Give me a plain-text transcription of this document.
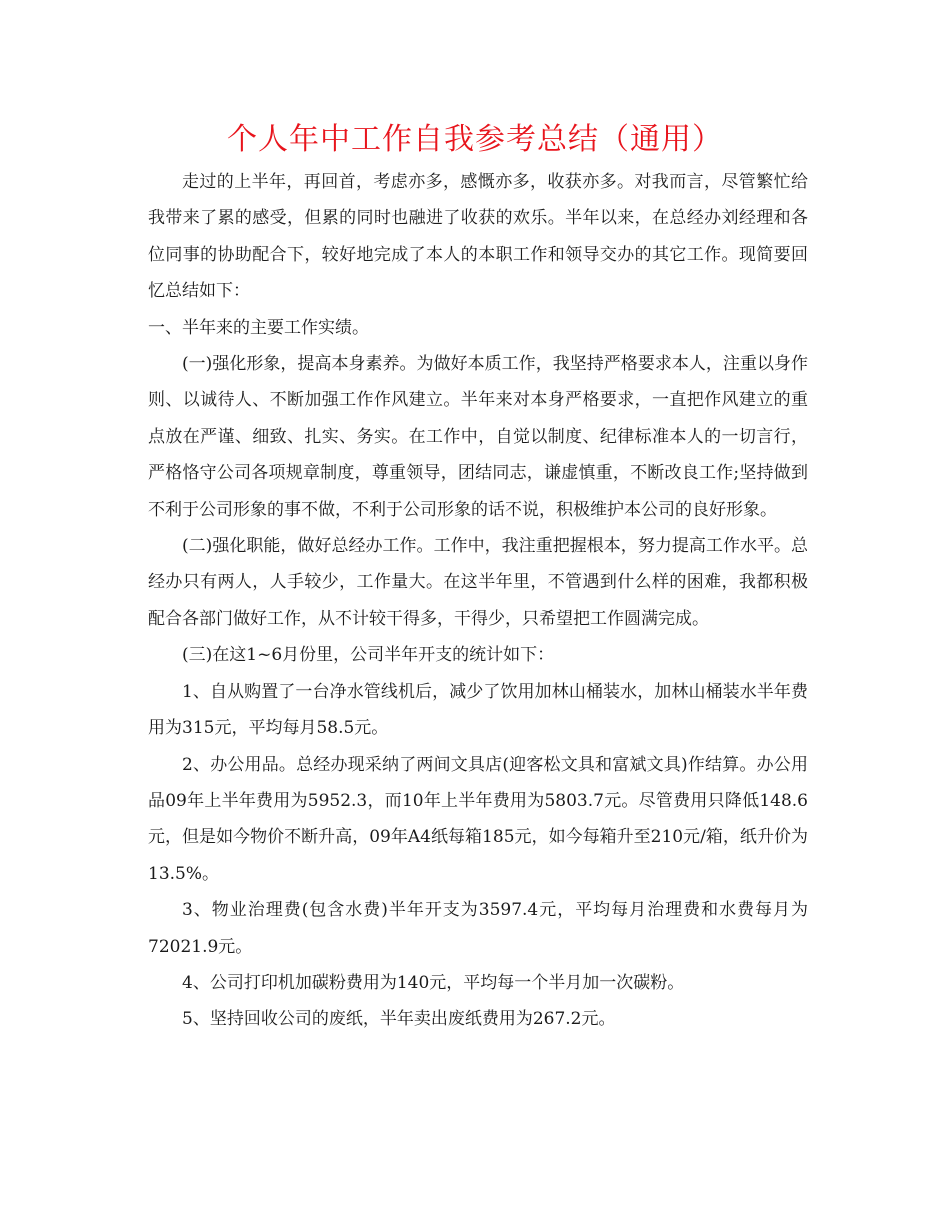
个人年中工作自我参考总结（通用）

走过的上半年，再回首，考虑亦多，感慨亦多，收获亦多。对我而言，尽管繁忙给我带来了累的感受，但累的同时也融进了收获的欢乐。半年以来，在总经办刘经理和各位同事的协助配合下，较好地完成了本人的本职工作和领导交办的其它工作。现简要回忆总结如下：

一、半年来的主要工作实绩。

(一)强化形象，提高本身素养。为做好本质工作，我坚持严格要求本人，注重以身作则、以诚待人、不断加强工作作风建立。半年来对本身严格要求，一直把作风建立的重点放在严谨、细致、扎实、务实。在工作中，自觉以制度、纪律标准本人的一切言行，严格恪守公司各项规章制度，尊重领导，团结同志，谦虚慎重，不断改良工作;坚持做到不利于公司形象的事不做，不利于公司形象的话不说，积极维护本公司的良好形象。

(二)强化职能，做好总经办工作。工作中，我注重把握根本，努力提高工作水平。总经办只有两人，人手较少，工作量大。在这半年里，不管遇到什么样的困难，我都积极配合各部门做好工作，从不计较干得多，干得少，只希望把工作圆满完成。

(三)在这1~6月份里，公司半年开支的统计如下：

1、自从购置了一台净水管线机后，减少了饮用加林山桶装水，加林山桶装水半年费用为315元，平均每月58.5元。

2、办公用品。总经办现采纳了两间文具店(迎客松文具和富斌文具)作结算。办公用品09年上半年费用为5952.3，而10年上半年费用为5803.7元。尽管费用只降低148.6元，但是如今物价不断升高，09年A4纸每箱185元，如今每箱升至210元/箱，纸升价为13.5%。

3、物业治理费(包含水费)半年开支为3597.4元，平均每月治理费和水费每月为72021.9元。

4、公司打印机加碳粉费用为140元，平均每一个半月加一次碳粉。

5、坚持回收公司的废纸，半年卖出废纸费用为267.2元。
